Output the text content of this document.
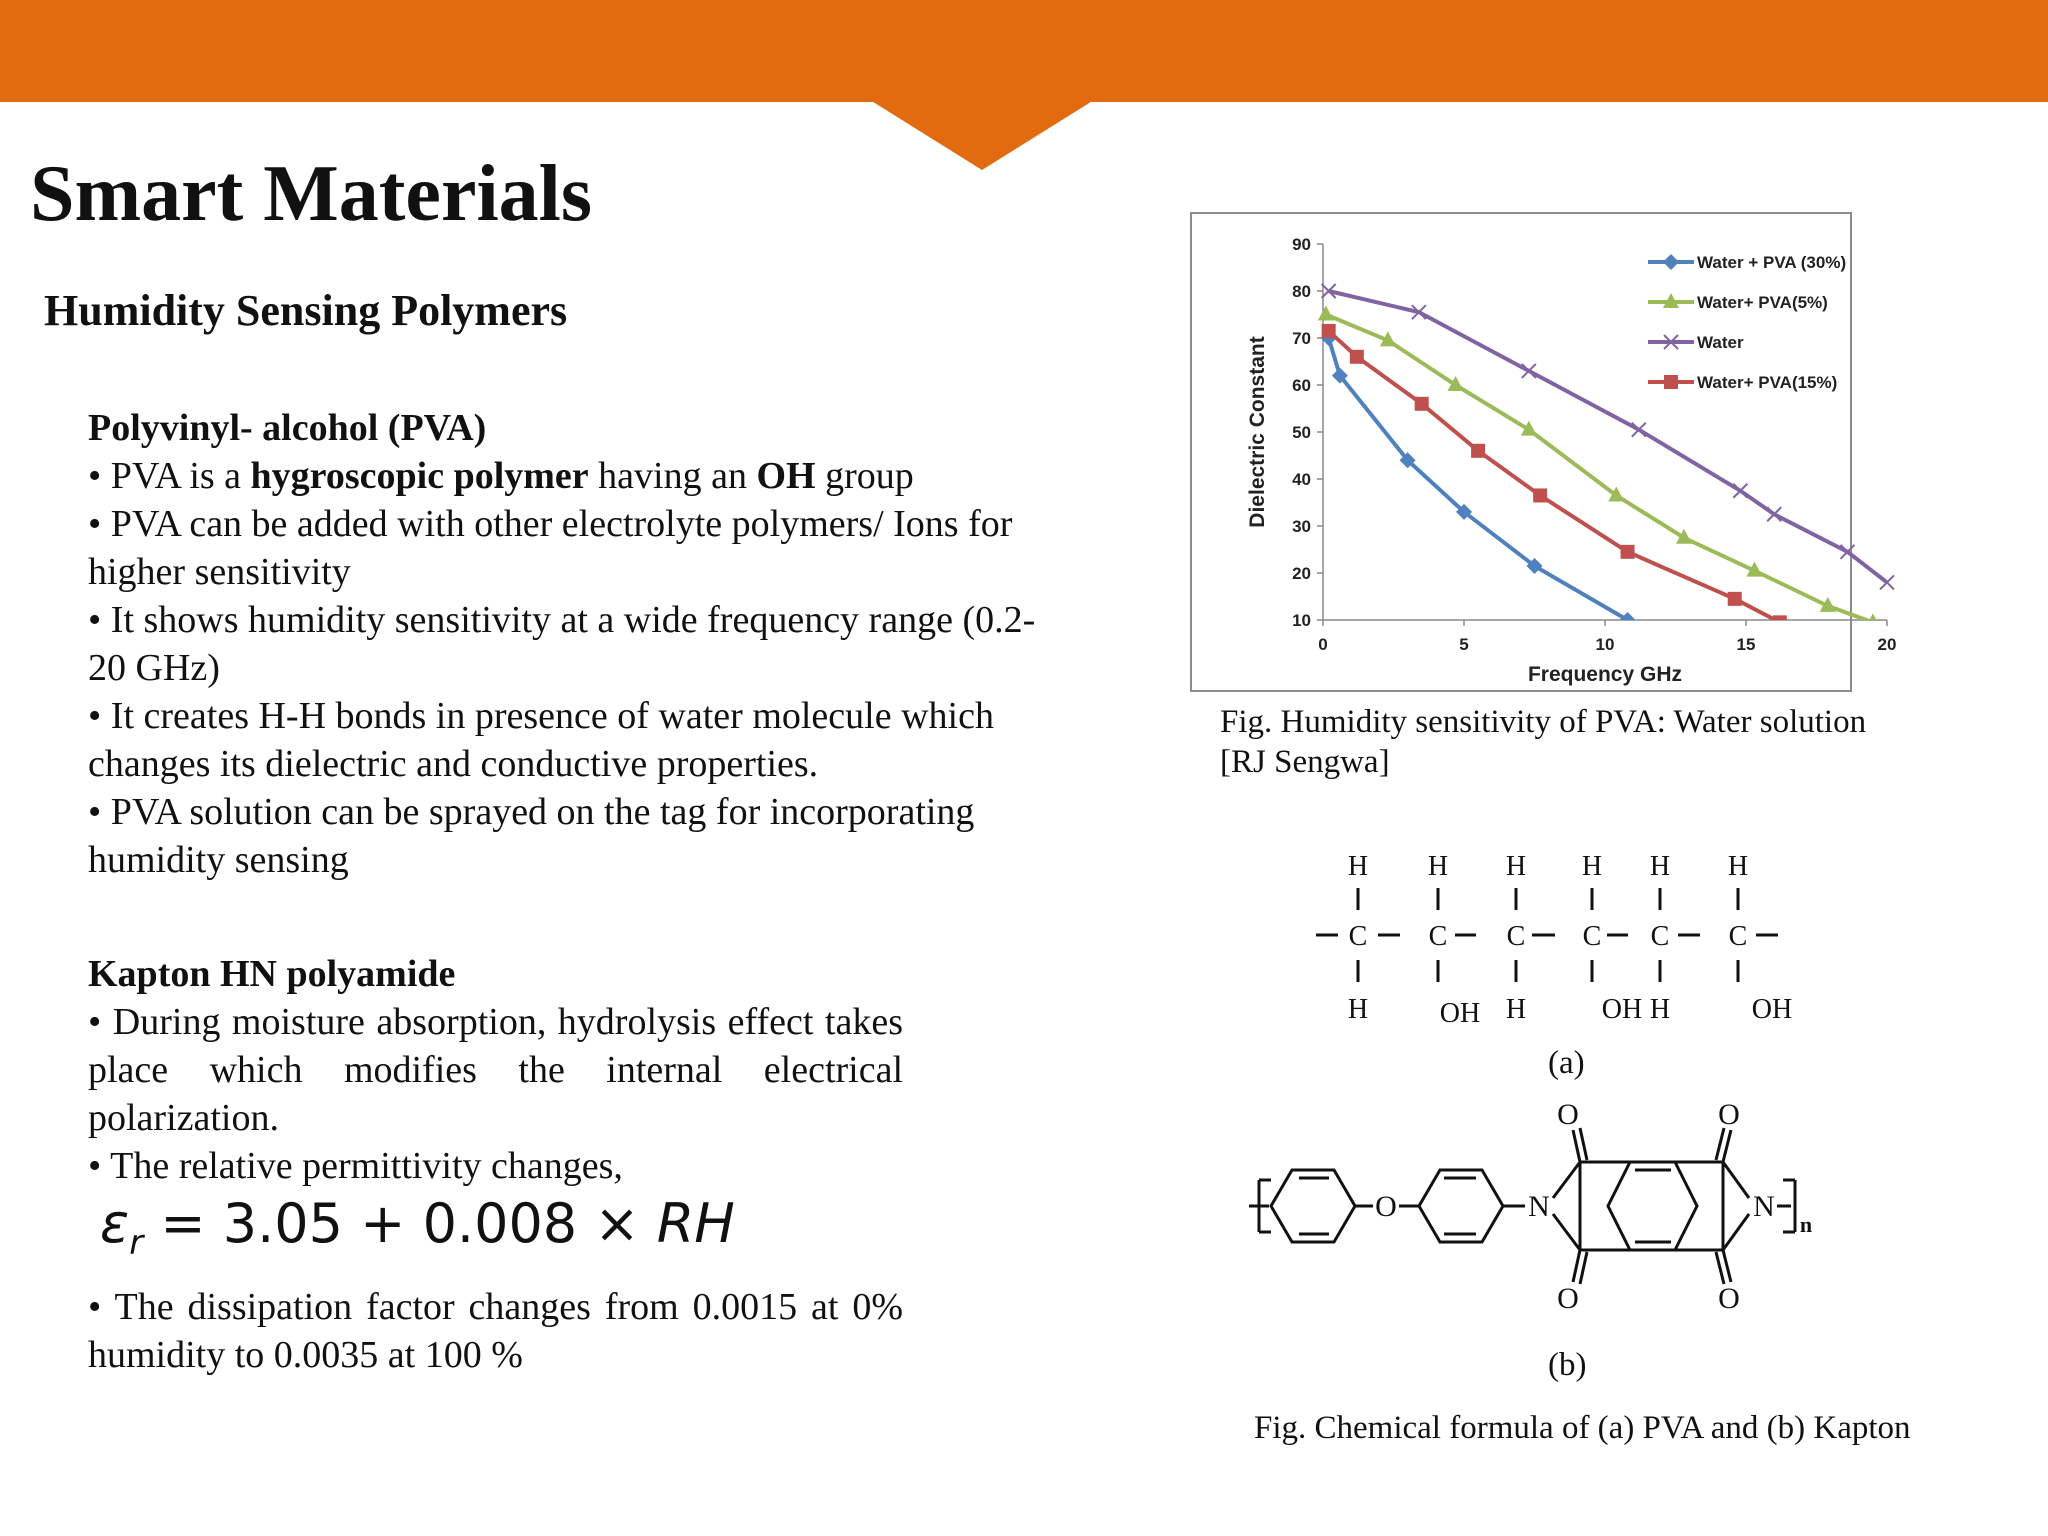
Smart Materials
Humidity Sensing Polymers
Polyvinyl- alcohol (PVA)

• PVA is a hygroscopic polymer having an OH group

• PVA can be added with other electrolyte polymers/ Ions for higher sensitivity

• It shows humidity sensitivity at a wide frequency range (0.2- 20 GHz)

• It creates H-H bonds in presence of water molecule which changes its dielectric and conductive properties.

• PVA solution can be sprayed on the tag for incorporating humidity sensing

Kapton HN polyamide

• During moisture absorption, hydrolysis effect takes place which modifies the internal electrical polarization.

• The relative permittivity changes,

$\varepsilon_r = 3.05 + 0.008$ × RH

• The dissipation factor changes from 0.0015 at 0% humidity to 0.0035 at 100 %

Dielectric Constant
Frequency GHz
10
20
30
40
50
60
70
80
90
0	5	10	15	20
Water + PVA (30%)
Water+ PVA(5%)
Water
Water+ PVA(15%)
Fig. Humidity sensitivity of PVA: Water solution [RJ Sengwa]
C
H
H
C
H
OH
C
H
H
C
H
OH
C
H
H
C
H
OH
(a)
O	N	N
O
O
O
O
n
(b)
Fig. Chemical formula of (a) PVA and (b) Kapton
